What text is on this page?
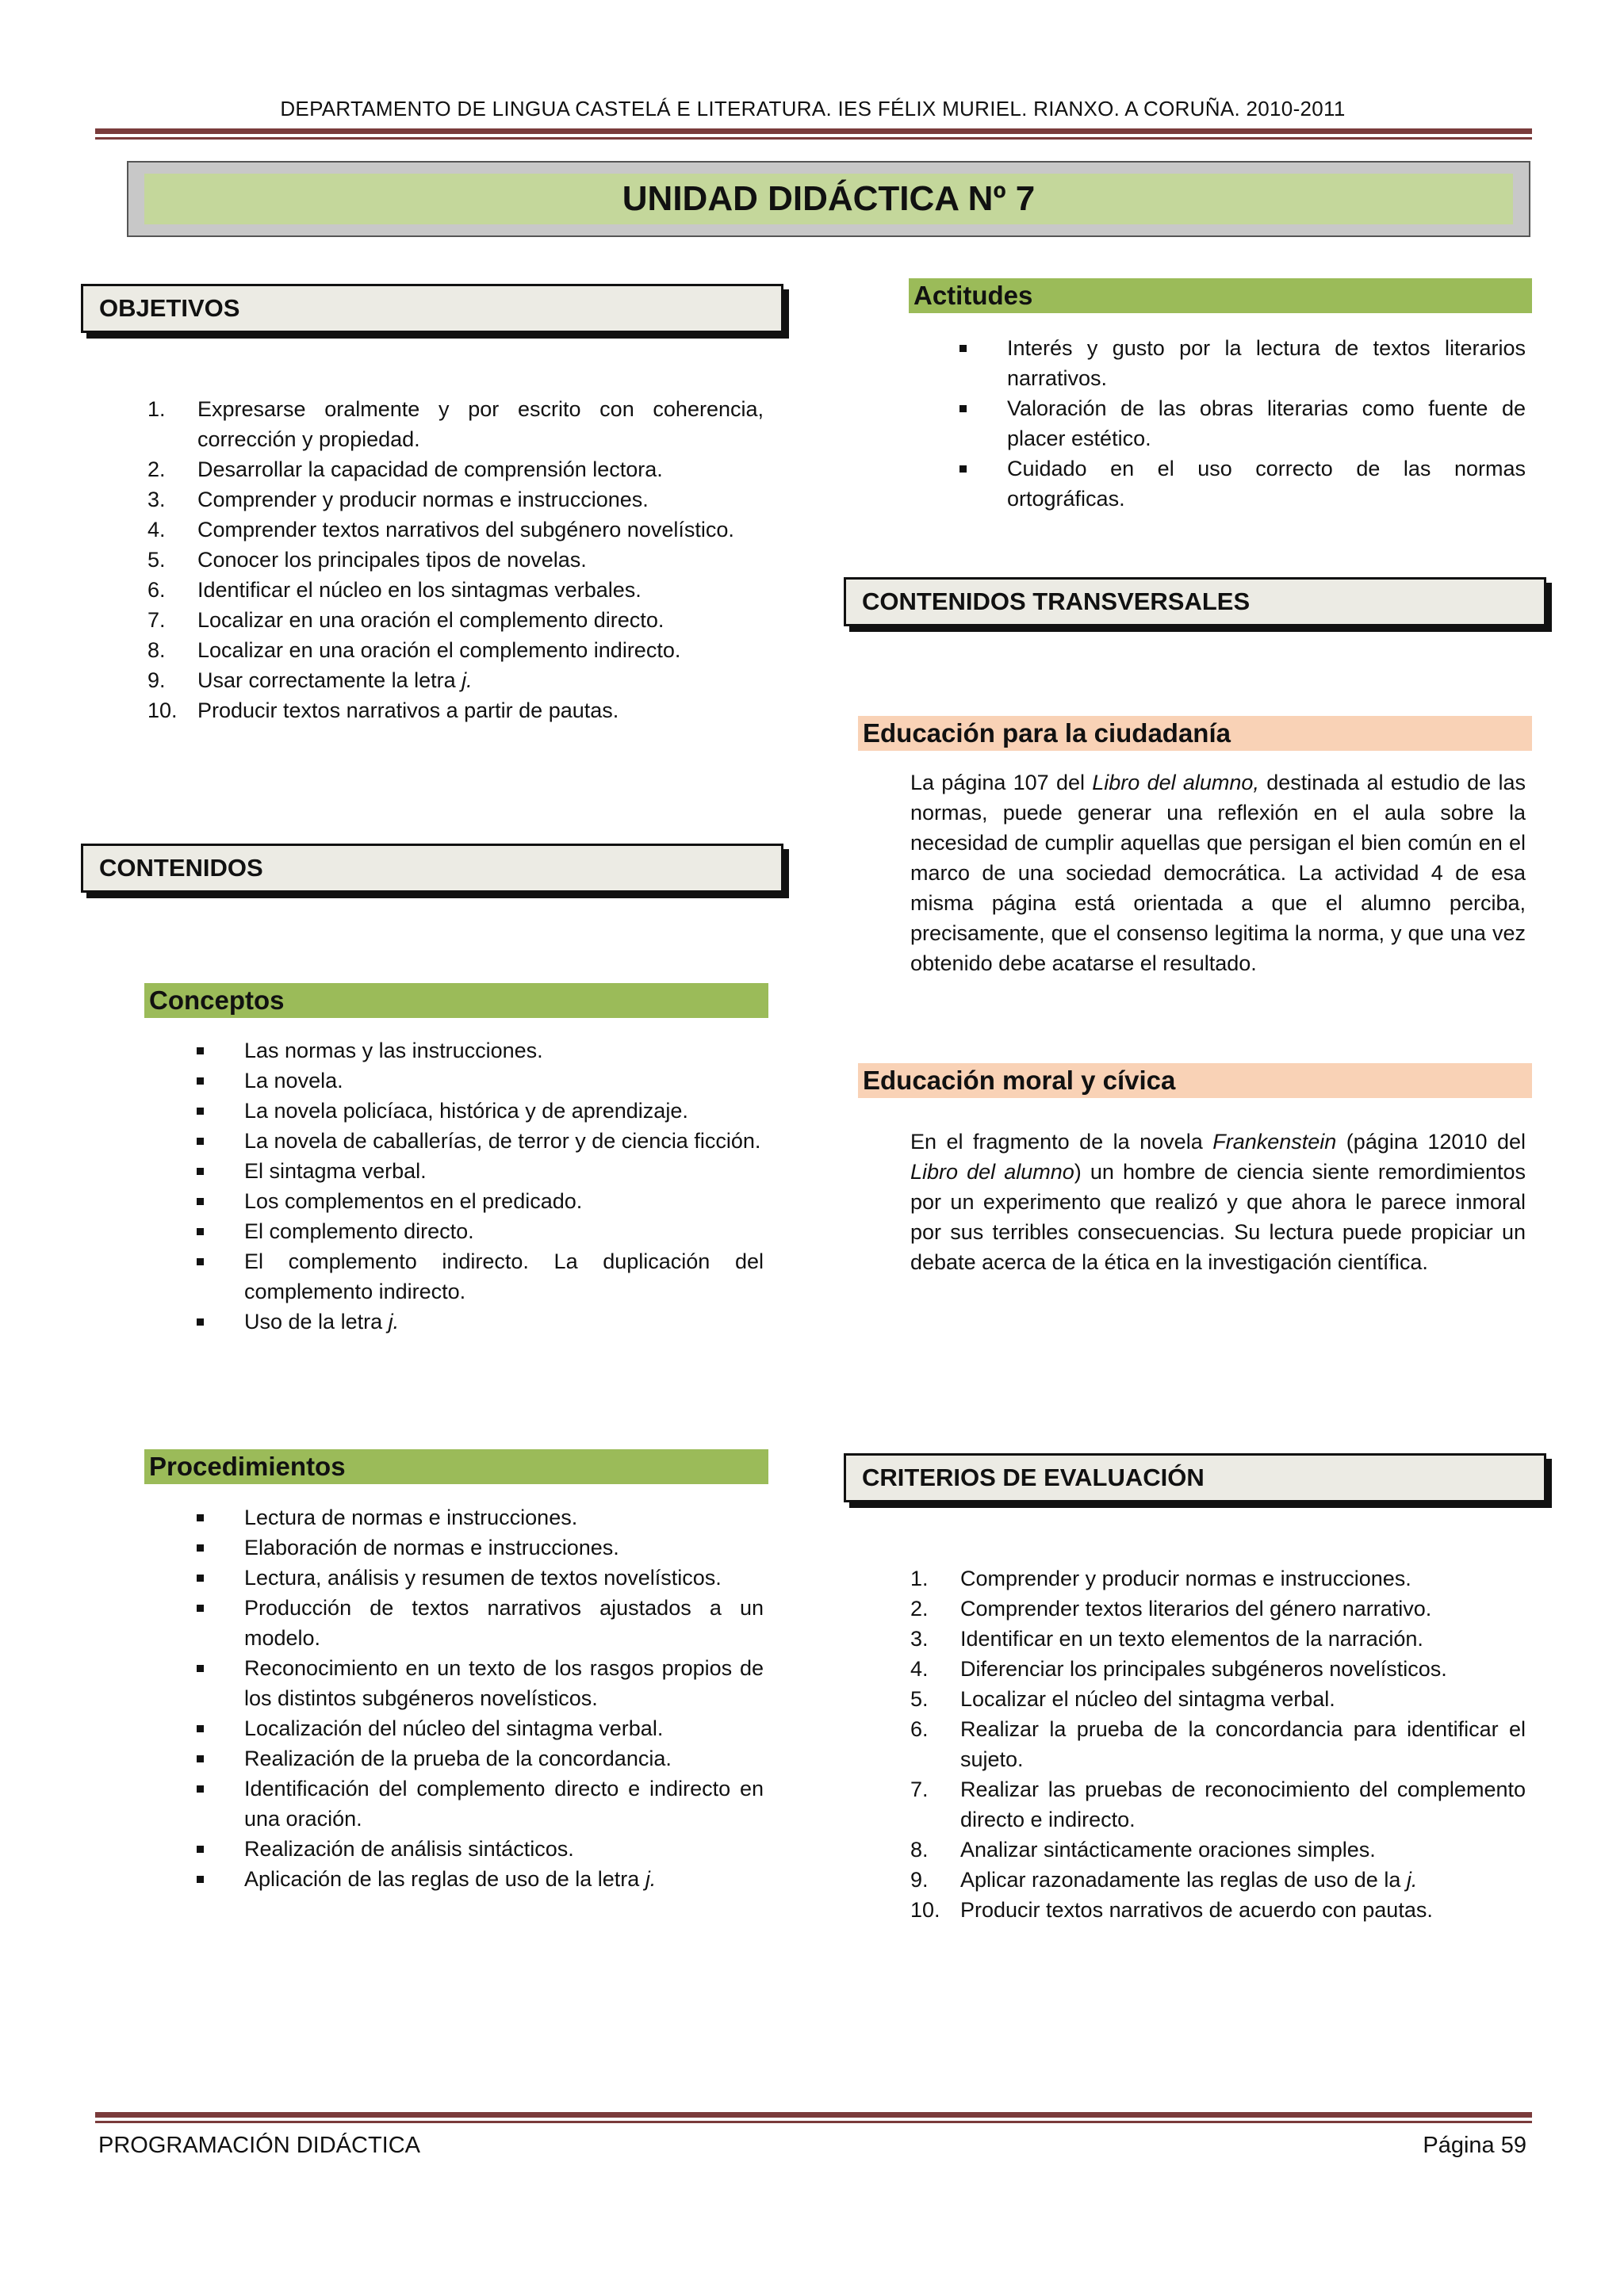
DEPARTAMENTO DE LINGUA CASTELÁ E LITERATURA. IES FÉLIX MURIEL. RIANXO. A CORUÑA. 2010-2011
UNIDAD DIDÁCTICA Nº 7
OBJETIVOS
1.	Expresarse oralmente y por escrito con coherencia, corrección y propiedad.
2.	Desarrollar la capacidad de comprensión lectora.
3.	Comprender y producir normas e instrucciones.
4.	Comprender textos narrativos del subgénero novelístico.
5.	Conocer los principales tipos de novelas.
6.	Identificar el núcleo en los sintagmas verbales.
7.	Localizar en una oración el complemento directo.
8.	Localizar en una oración el complemento indirecto.
9.	Usar correctamente la letra j.
10. Producir textos narrativos a partir de pautas.
CONTENIDOS
Conceptos
Las normas y las instrucciones.
La novela.
La novela policíaca, histórica y de aprendizaje.
La novela de caballerías, de terror y de ciencia ficción.
El sintagma verbal.
Los complementos en el predicado.
El complemento directo.
El complemento indirecto. La duplicación del complemento indirecto.
Uso de la letra j.
Procedimientos
Lectura de normas e instrucciones.
Elaboración de normas e instrucciones.
Lectura, análisis y resumen de textos novelísticos.
Producción de textos narrativos ajustados a un modelo.
Reconocimiento en un texto de los rasgos propios de los distintos subgéneros novelísticos.
Localización del núcleo del sintagma verbal.
Realización de la prueba de la concordancia.
Identificación del complemento directo e indirecto en una oración.
Realización de análisis sintácticos.
Aplicación de las reglas de uso de la letra j.
Actitudes
Interés y gusto por la lectura de textos literarios narrativos.
Valoración de las obras literarias como fuente de placer estético.
Cuidado en el uso correcto de las normas ortográficas.
CONTENIDOS TRANSVERSALES
Educación para la ciudadanía

La página 107 del Libro del alumno, destinada al estudio de las normas, puede generar una reflexión en el aula sobre la necesidad de cumplir aquellas que persigan el bien común en el marco de una sociedad democrática. La actividad 4 de esa misma página está orientada a que el alumno perciba, precisamente, que el consenso legitima la norma, y que una vez obtenido debe acatarse el resultado.

Educación moral y cívica

En el fragmento de la novela Frankenstein (página 12010 del Libro del alumno) un hombre de ciencia siente remordimientos por un experimento que realizó y que ahora le parece inmoral por sus terribles consecuencias. Su lectura puede propiciar un debate acerca de la ética en la investigación científica.

CRITERIOS DE EVALUACIÓN
1.	Comprender y producir normas e instrucciones.
2.	Comprender textos literarios del género narrativo.
3.	Identificar en un texto elementos de la narración.
4.	Diferenciar los principales subgéneros novelísticos.
5.	Localizar el núcleo del sintagma verbal.
6.	Realizar la prueba de la concordancia para identificar el sujeto.
7.	Realizar las pruebas de reconocimiento del complemento directo e indirecto.
8.	Analizar sintácticamente oraciones simples.
9.	Aplicar razonadamente las reglas de uso de la j.
10. Producir textos narrativos de acuerdo con pautas.
PROGRAMACIÓN DIDÁCTICA	Página 59
